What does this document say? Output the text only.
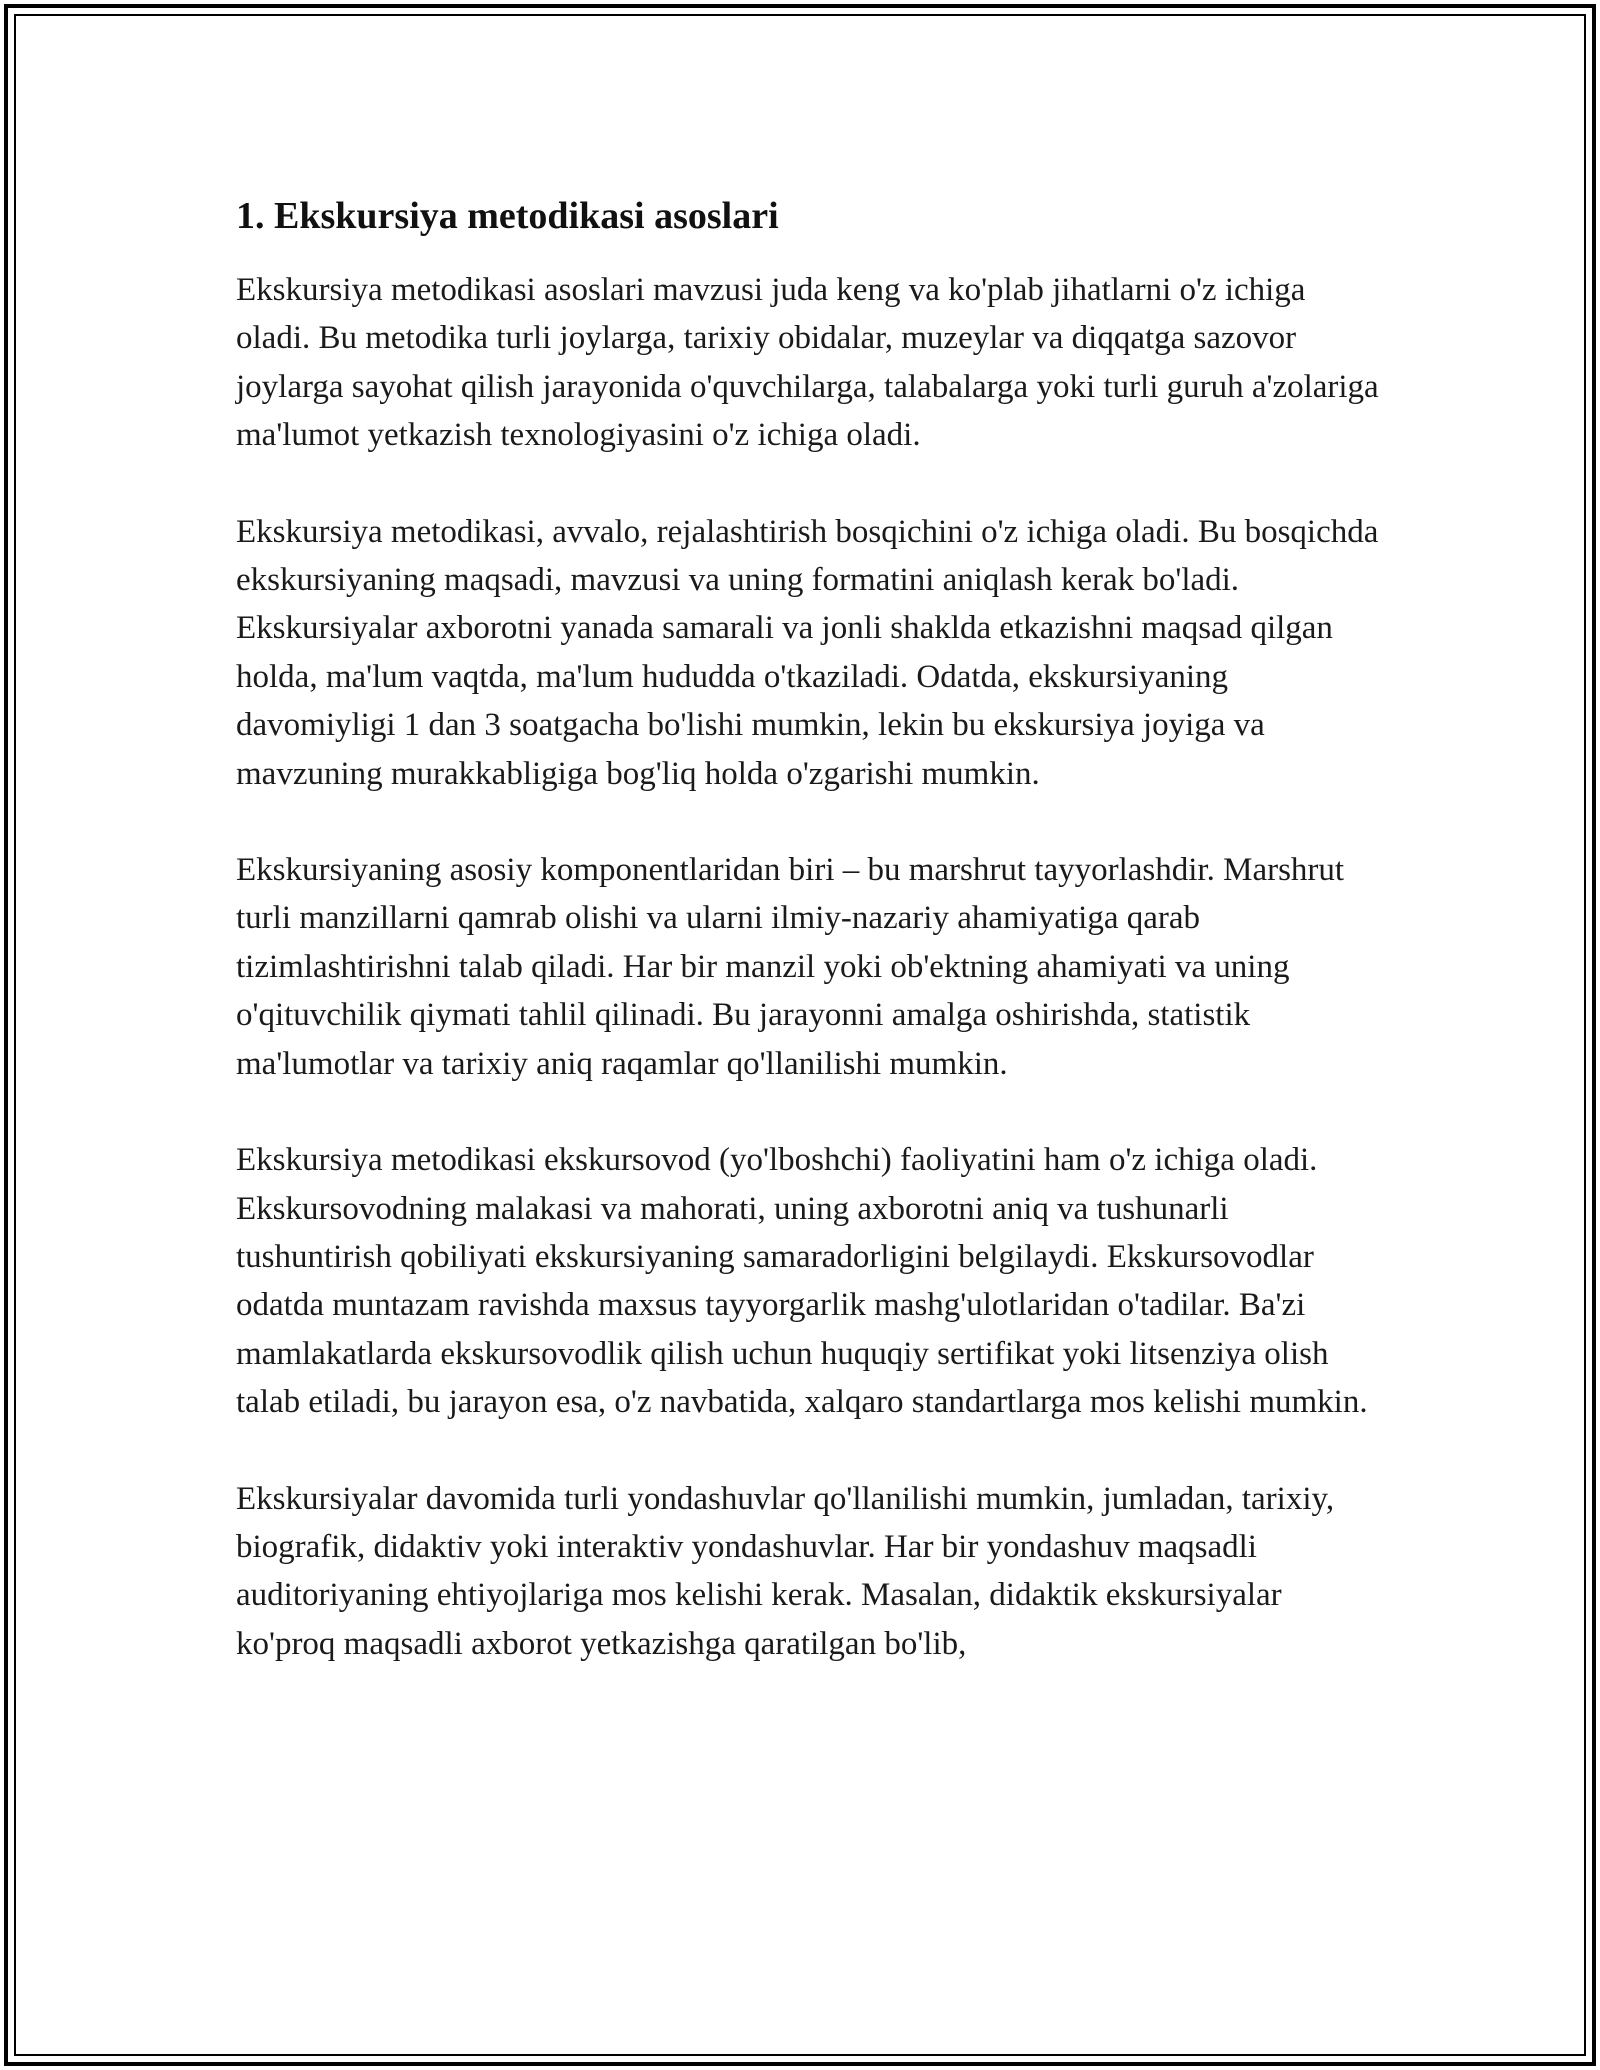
1. Ekskursiya metodikasi asoslari

Ekskursiya metodikasi asoslari mavzusi juda keng va ko'plab jihatlarni o'z ichiga oladi. Bu metodika turli joylarga, tarixiy obidalar, muzeylar va diqqatga sazovor joylarga sayohat qilish jarayonida o'quvchilarga, talabalarga yoki turli guruh a'zolariga ma'lumot yetkazish texnologiyasini o'z ichiga oladi.

Ekskursiya metodikasi, avvalo, rejalashtirish bosqichini o'z ichiga oladi. Bu bosqichda ekskursiyaning maqsadi, mavzusi va uning formatini aniqlash kerak bo'ladi. Ekskursiyalar axborotni yanada samarali va jonli shaklda etkazishni maqsad qilgan holda, ma'lum vaqtda, ma'lum hududda o'tkaziladi. Odatda, ekskursiyaning davomiyligi 1 dan 3 soatgacha bo'lishi mumkin, lekin bu ekskursiya joyiga va mavzuning murakkabligiga bog'liq holda o'zgarishi mumkin.

Ekskursiyaning asosiy komponentlaridan biri – bu marshrut tayyorlashdir. Marshrut turli manzillarni qamrab olishi va ularni ilmiy-nazariy ahamiyatiga qarab tizimlashtirishni talab qiladi. Har bir manzil yoki ob'ektning ahamiyati va uning o'qituvchilik qiymati tahlil qilinadi. Bu jarayonni amalga oshirishda, statistik ma'lumotlar va tarixiy aniq raqamlar qo'llanilishi mumkin.

Ekskursiya metodikasi ekskursovod (yo'lboshchi) faoliyatini ham o'z ichiga oladi. Ekskursovodning malakasi va mahorati, uning axborotni aniq va tushunarli tushuntirish qobiliyati ekskursiyaning samaradorligini belgilaydi. Ekskursovodlar odatda muntazam ravishda maxsus tayyorgarlik mashg'ulotlaridan o'tadilar. Ba'zi mamlakatlarda ekskursovodlik qilish uchun huquqiy sertifikat yoki litsenziya olish talab etiladi, bu jarayon esa, o'z navbatida, xalqaro standartlarga mos kelishi mumkin.

Ekskursiyalar davomida turli yondashuvlar qo'llanilishi mumkin, jumladan, tarixiy, biografik, didaktiv yoki interaktiv yondashuvlar. Har bir yondashuv maqsadli auditoriyaning ehtiyojlariga mos kelishi kerak. Masalan, didaktik ekskursiyalar ko'proq maqsadli axborot yetkazishga qaratilgan bo'lib,
